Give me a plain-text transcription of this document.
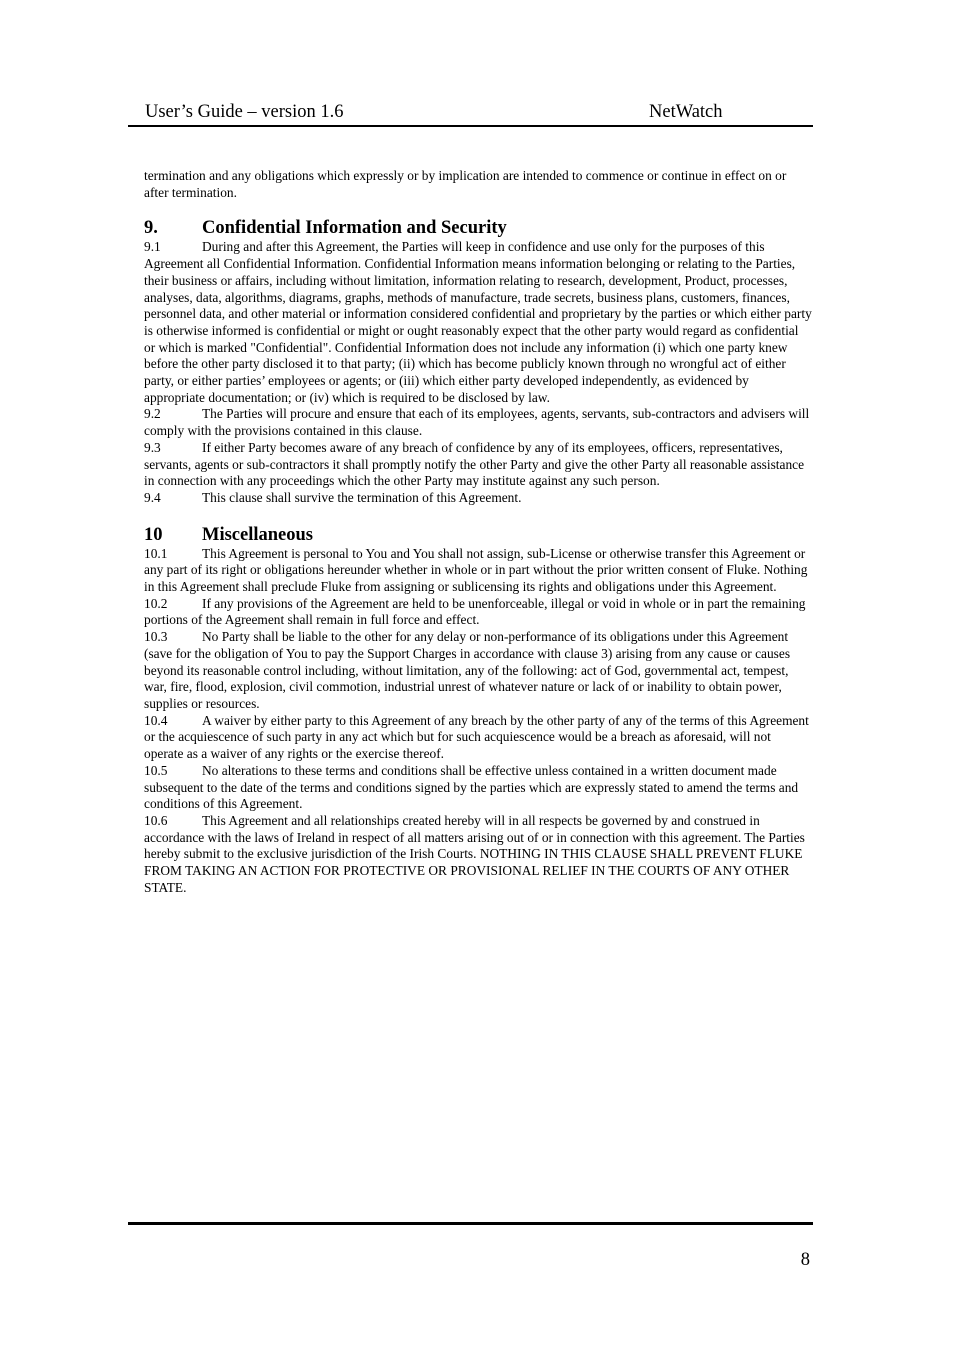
User’s Guide – version 1.6	NetWatch

termination and any obligations which expressly or by implication are intended to commence or continue in effect on or after termination.

9. Confidential Information and Security

9.1	During and after this Agreement, the Parties will keep in confidence and use only for the purposes of this Agreement all Confidential Information. Confidential Information means information belonging or relating to the Parties, their business or affairs, including without limitation, information relating to research, development, Product, processes, analyses, data, algorithms, diagrams, graphs, methods of manufacture, trade secrets, business plans, customers, finances, personnel data, and other material or information considered confidential and proprietary by the parties or which either party is otherwise informed is confidential or might or ought reasonably expect that the other party would regard as confidential or which is marked "Confidential". Confidential Information does not include any information (i) which one party knew before the other party disclosed it to that party; (ii) which has become publicly known through no wrongful act of either party, or either parties’ employees or agents; or (iii) which either party developed independently, as evidenced by appropriate documentation; or (iv) which is required to be disclosed by law.

9.2	The Parties will procure and ensure that each of its employees, agents, servants, sub-contractors and advisers will comply with the provisions contained in this clause.

9.3	If either Party becomes aware of any breach of confidence by any of its employees, officers, representatives, servants, agents or sub-contractors it shall promptly notify the other Party and give the other Party all reasonable assistance in connection with any proceedings which the other Party may institute against any such person.

9.4	This clause shall survive the termination of this Agreement.

10 Miscellaneous

10.1	This Agreement is personal to You and You shall not assign, sub-License or otherwise transfer this Agreement or any part of its right or obligations hereunder whether in whole or in part without the prior written consent of Fluke. Nothing in this Agreement shall preclude Fluke from assigning or sublicensing its rights and obligations under this Agreement.

10.2	If any provisions of the Agreement are held to be unenforceable, illegal or void in whole or in part the remaining portions of the Agreement shall remain in full force and effect.

10.3	No Party shall be liable to the other for any delay or non-performance of its obligations under this Agreement (save for the obligation of You to pay the Support Charges in accordance with clause 3) arising from any cause or causes beyond its reasonable control including, without limitation, any of the following: act of God, governmental act, tempest, war, fire, flood, explosion, civil commotion, industrial unrest of whatever nature or lack of or inability to obtain power, supplies or resources.

10.4	A waiver by either party to this Agreement of any breach by the other party of any of the terms of this Agreement or the acquiescence of such party in any act which but for such acquiescence would be a breach as aforesaid, will not operate as a waiver of any rights or the exercise thereof.

10.5	No alterations to these terms and conditions shall be effective unless contained in a written document made subsequent to the date of the terms and conditions signed by the parties which are expressly stated to amend the terms and conditions of this Agreement.

10.6	This Agreement and all relationships created hereby will in all respects be governed by and construed in accordance with the laws of Ireland in respect of all matters arising out of or in connection with this agreement. The Parties hereby submit to the exclusive jurisdiction of the Irish Courts. NOTHING IN THIS CLAUSE SHALL PREVENT FLUKE FROM TAKING AN ACTION FOR PROTECTIVE OR PROVISIONAL RELIEF IN THE COURTS OF ANY OTHER STATE.

8
